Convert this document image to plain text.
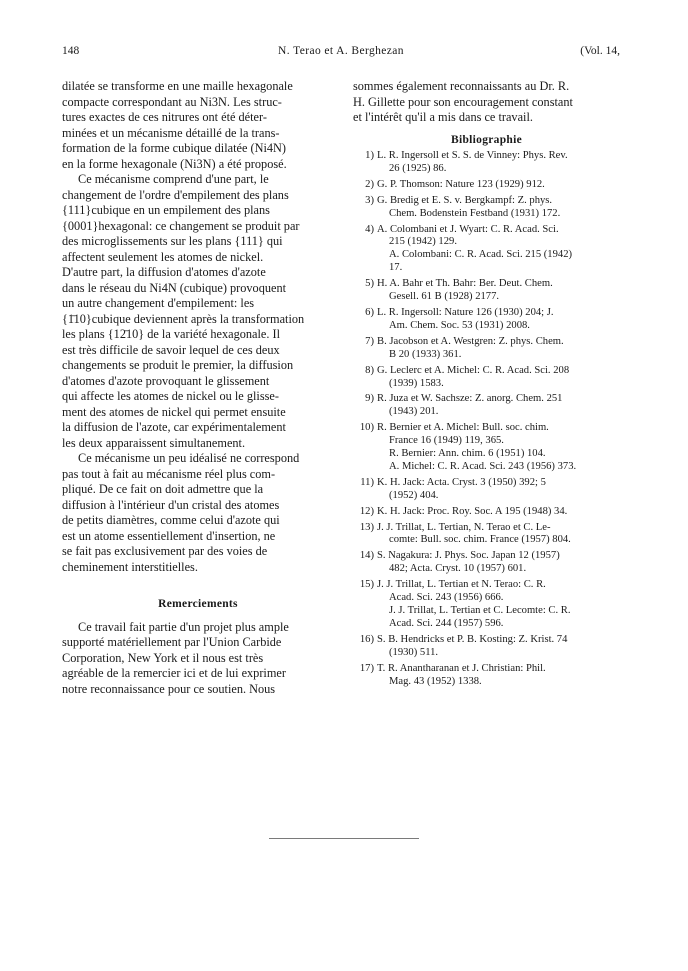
148	N. Terao et A. Berghezan	(Vol. 14,

dilatée se transforme en une maille hexagonale
compacte correspondant au Ni3N. Les struc-
tures exactes de ces nitrures ont été déter-
minées et un mécanisme détaillé de la trans-
formation de la forme cubique dilatée (Ni4N)
en la forme hexagonale (Ni3N) a été proposé.

Ce mécanisme comprend d'une part, le
changement de l'ordre d'empilement des plans
{111}cubique en un empilement des plans
{0001}hexagonal: ce changement se produit par
des microglissements sur les plans {111} qui
affectent seulement les atomes de nickel.
D'autre part, la diffusion d'atomes d'azote
dans le réseau du Ni4N (cubique) provoquent
un autre changement d'empilement: les
{1̄10}cubique deviennent après la transformation
les plans {12̄10} de la variété hexagonale. Il
est très difficile de savoir lequel de ces deux
changements se produit le premier, la diffusion
d'atomes d'azote provoquant le glissement
qui affecte les atomes de nickel ou le glisse-
ment des atomes de nickel qui permet ensuite
la diffusion de l'azote, car expérimentalement
les deux apparaissent simultanement.

Ce mécanisme un peu idéalisé ne correspond
pas tout à fait au mécanisme réel plus com-
pliqué. De ce fait on doit admettre que la
diffusion à l'intérieur d'un cristal des atomes
de petits diamètres, comme celui d'azote qui
est un atome essentiellement d'insertion, ne
se fait pas exclusivement par des voies de
cheminement interstitielles.

Remerciements

Ce travail fait partie d'un projet plus ample
supporté matériellement par l'Union Carbide
Corporation, New York et il nous est très
agréable de la remercier ici et de lui exprimer
notre reconnaissance pour ce soutien. Nous

sommes également reconnaissants au Dr. R.
H. Gillette pour son encouragement constant
et l'intérêt qu'il a mis dans ce travail.

Bibliographie
1) L. R. Ingersoll et S. S. de Vinney: Phys. Rev.
26 (1925) 86.
2) G. P. Thomson: Nature 123 (1929) 912.
3) G. Bredig et E. S. v. Bergkampf: Z. phys.
Chem. Bodenstein Festband (1931) 172.
4) A. Colombani et J. Wyart: C. R. Acad. Sci.
215 (1942) 129.
A. Colombani: C. R. Acad. Sci. 215 (1942)
17.
5) H. A. Bahr et Th. Bahr: Ber. Deut. Chem.
Gesell. 61 B (1928) 2177.
6) L. R. Ingersoll: Nature 126 (1930) 204; J.
Am. Chem. Soc. 53 (1931) 2008.
7) B. Jacobson et A. Westgren: Z. phys. Chem.
B 20 (1933) 361.
8) G. Leclerc et A. Michel: C. R. Acad. Sci. 208
(1939) 1583.
9) R. Juza et W. Sachsze: Z. anorg. Chem. 251
(1943) 201.
10) R. Bernier et A. Michel: Bull. soc. chim.
France 16 (1949) 119, 365.
R. Bernier: Ann. chim. 6 (1951) 104.
A. Michel: C. R. Acad. Sci. 243 (1956) 373.
11) K. H. Jack: Acta. Cryst. 3 (1950) 392; 5
(1952) 404.
12) K. H. Jack: Proc. Roy. Soc. A 195 (1948) 34.
13) J. J. Trillat, L. Tertian, N. Terao et C. Le-
comte: Bull. soc. chim. France (1957) 804.
14) S. Nagakura: J. Phys. Soc. Japan 12 (1957)
482; Acta. Cryst. 10 (1957) 601.
15) J. J. Trillat, L. Tertian et N. Terao: C. R.
Acad. Sci. 243 (1956) 666.
J. J. Trillat, L. Tertian et C. Lecomte: C. R.
Acad. Sci. 244 (1957) 596.
16) S. B. Hendricks et P. B. Kosting: Z. Krist. 74
(1930) 511.
17) T. R. Anantharanan et J. Christian: Phil.
Mag. 43 (1952) 1338.
